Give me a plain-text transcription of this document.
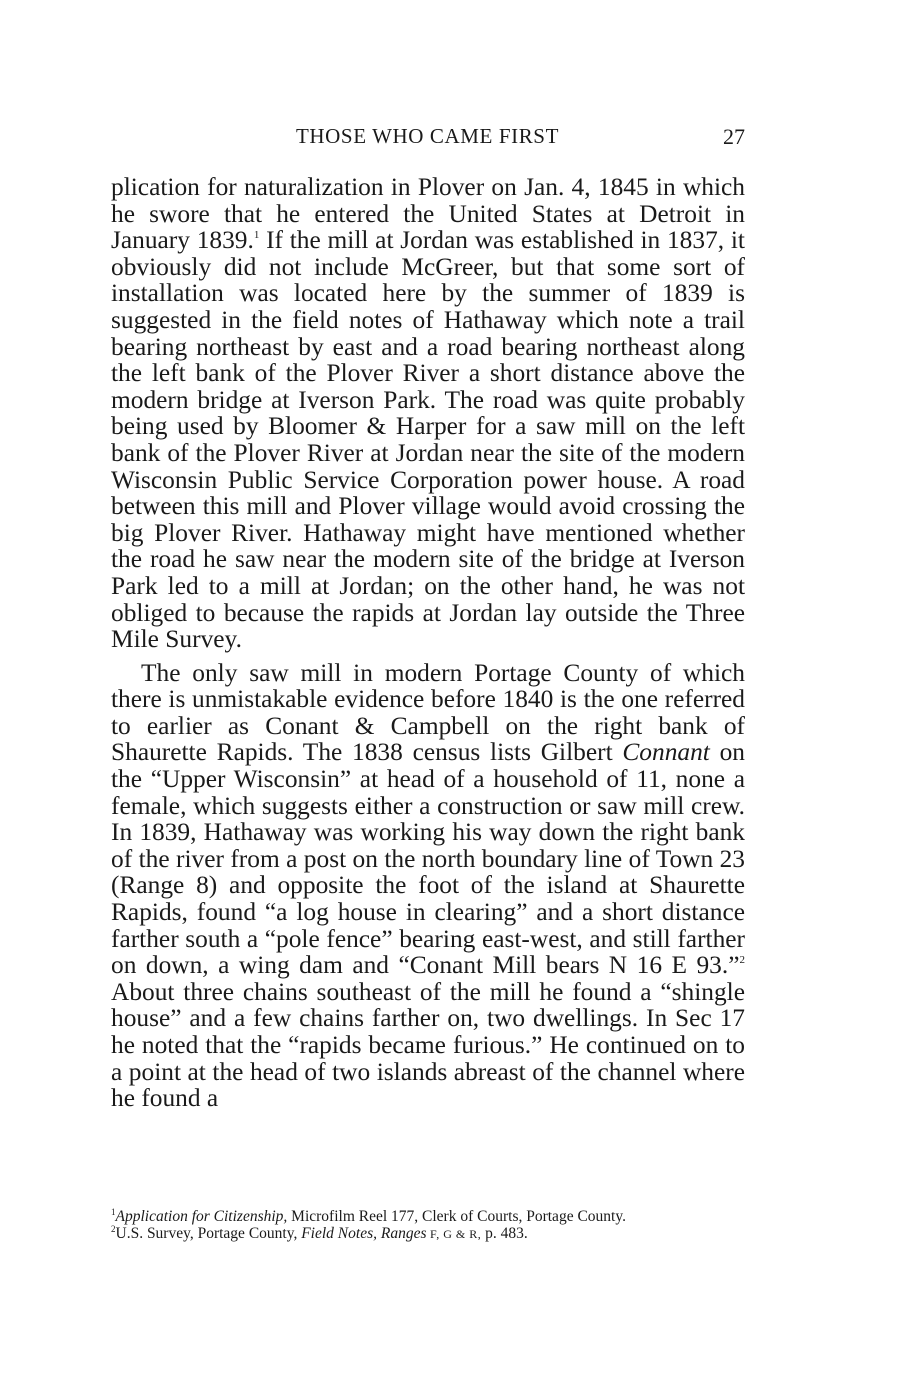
THOSE WHO CAME FIRST	27

plication for naturalization in Plover on Jan. 4, 1845 in which he swore that he entered the United States at Detroit in January 1839.$^1$ If the mill at Jordan was established in 1837, it obviously did not include McGreer, but that some sort of installation was located here by the summer of 1839 is suggested in the field notes of Hathaway which note a trail bearing northeast by east and a road bearing northeast along the left bank of the Plover River a short distance above the modern bridge at Iverson Park. The road was quite probably being used by Bloomer & Harper for a saw mill on the left bank of the Plover River at Jordan near the site of the modern Wisconsin Public Service Corporation power house. A road between this mill and Plover village would avoid crossing the big Plover River. Hathaway might have mentioned whether the road he saw near the modern site of the bridge at Iverson Park led to a mill at Jordan; on the other hand, he was not obliged to because the rapids at Jordan lay outside the Three Mile Survey.

The only saw mill in modern Portage County of which there is unmistakable evidence before 1840 is the one referred to earlier as Conant & Campbell on the right bank of Shaurette Rapids. The 1838 census lists Gilbert Connant on the “Upper Wisconsin” at head of a household of 11, none a female, which suggests either a construction or saw mill crew. In 1839, Hathaway was working his way down the right bank of the river from a post on the north boundary line of Town 23 (Range 8) and opposite the foot of the island at Shaurette Rapids, found “a log house in clearing” and a short distance farther south a “pole fence” bearing east-west, and still farther on down, a wing dam and “Conant Mill bears N 16 E 93.”$^2$ About three chains southeast of the mill he found a “shingle house” and a few chains farther on, two dwellings. In Sec 17 he noted that the “rapids became furious.” He continued on to a point at the head of two islands abreast of the channel where he found a

$^1$Application for Citizenship, Microfilm Reel 177, Clerk of Courts, Portage County.

$^2$U.S. Survey, Portage County, Field Notes, Ranges F, G & R, p. 483.
